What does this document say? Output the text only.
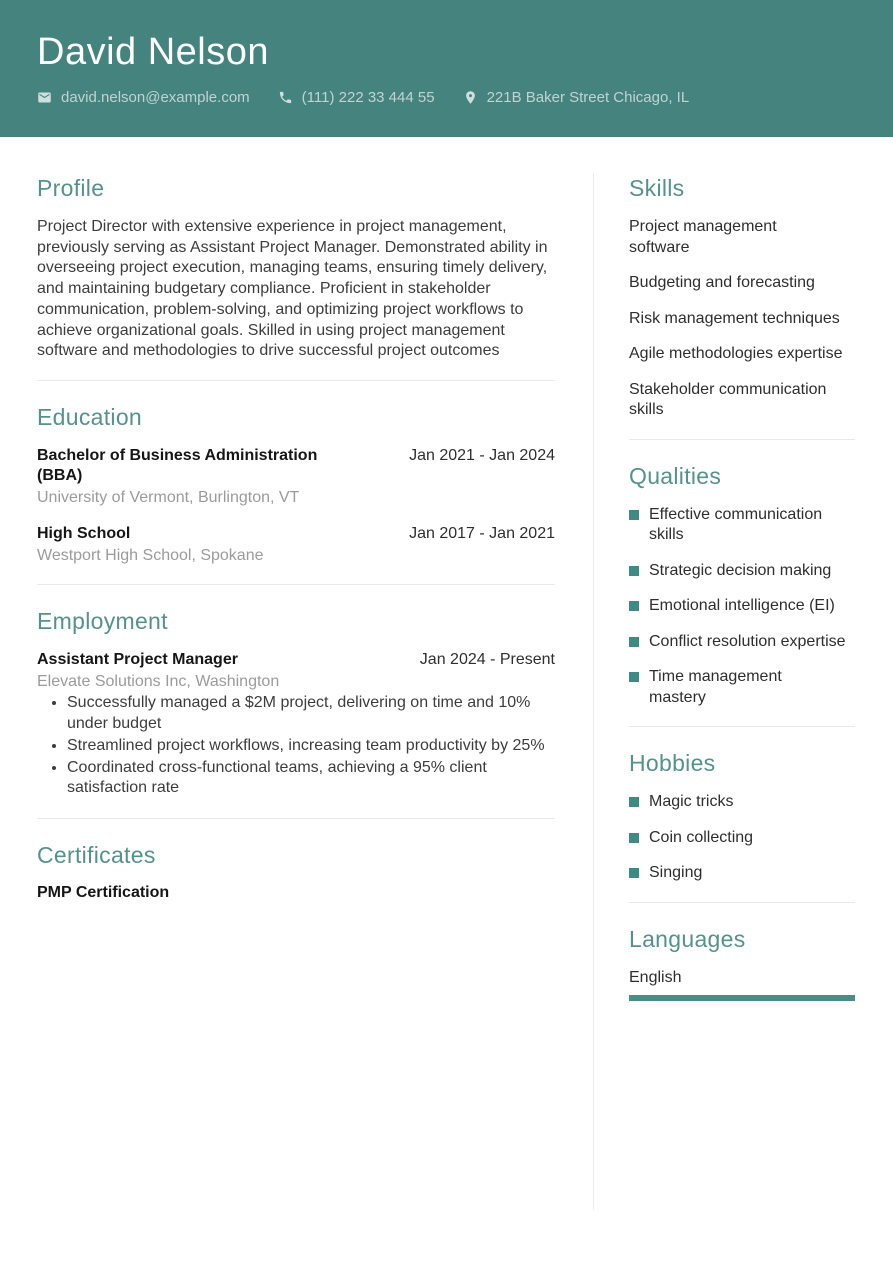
David Nelson
david.nelson@example.com	(111) 222 33 444 55	221B Baker Street Chicago, IL
Profile

Project Director with extensive experience in project management, previously serving as Assistant Project Manager. Demonstrated ability in overseeing project execution, managing teams, ensuring timely delivery, and maintaining budgetary compliance. Proficient in stakeholder communication, problem-solving, and optimizing project workflows to achieve organizational goals. Skilled in using project management software and methodologies to drive successful project outcomes

Education
Bachelor of Business Administration (BBA)
Jan 2021 - Jan 2024
University of Vermont, Burlington, VT
High School	Jan 2017 - Jan 2021
Westport High School, Spokane
Employment
Assistant Project Manager	Jan 2024 - Present
Elevate Solutions Inc, Washington
• Successfully managed a $2M project, delivering on time and 10% under budget
• Streamlined project workflows, increasing team productivity by 25%
• Coordinated cross-functional teams, achieving a 95% client satisfaction rate
Certificates
PMP Certification
Skills
Project management software
Budgeting and forecasting
Risk management techniques
Agile methodologies expertise
Stakeholder communication skills
Qualities
Effective communication skills
Strategic decision making
Emotional intelligence (EI)
Conflict resolution expertise
Time management mastery
Hobbies
Magic tricks
Coin collecting
Singing
Languages
English
